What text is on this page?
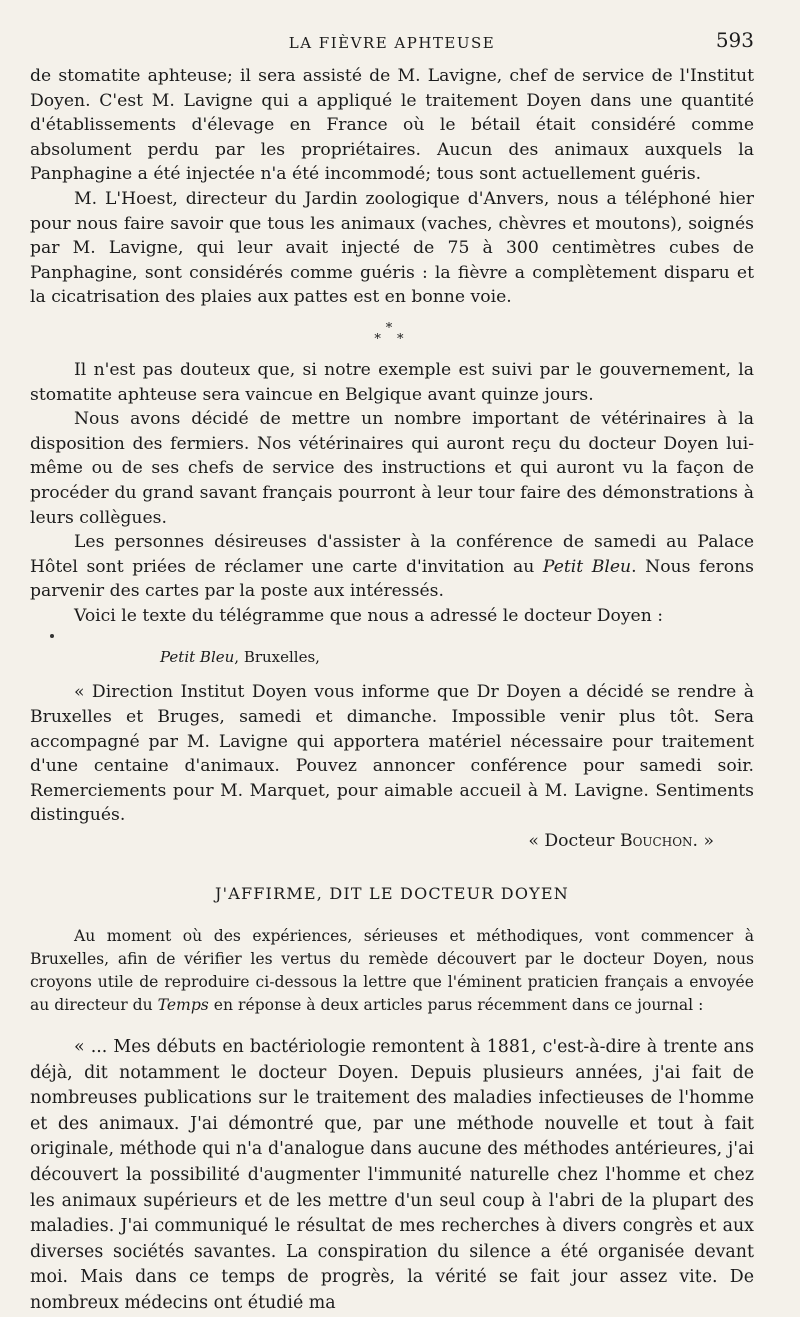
LA FIÈVRE APHTEUSE	593

de stomatite aphteuse; il sera assisté de M. Lavigne, chef de service de l'Institut Doyen. C'est M. Lavigne qui a appliqué le traitement Doyen dans une quantité d'établissements d'élevage en France où le bétail était considéré comme absolument perdu par les propriétaires. Aucun des animaux auxquels la Panphagine a été injectée n'a été incommodé; tous sont actuellement guéris.

M. L'Hoest, directeur du Jardin zoologique d'Anvers, nous a téléphoné hier pour nous faire savoir que tous les animaux (vaches, chèvres et moutons), soignés par M. Lavigne, qui leur avait injecté de 75 à 300 centimètres cubes de Panphagine, sont considérés comme guéris : la fièvre a complètement disparu et la cicatrisation des plaies aux pattes est en bonne voie.

*
* *

Il n'est pas douteux que, si notre exemple est suivi par le gouvernement, la stomatite aphteuse sera vaincue en Belgique avant quinze jours.

Nous avons décidé de mettre un nombre important de vétérinaires à la disposition des fermiers. Nos vétérinaires qui auront reçu du docteur Doyen lui-même ou de ses chefs de service des instructions et qui auront vu la façon de procéder du grand savant français pourront à leur tour faire des démonstrations à leurs collègues.

Les personnes désireuses d'assister à la conférence de samedi au Palace Hôtel sont priées de réclamer une carte d'invitation au Petit Bleu. Nous ferons parvenir des cartes par la poste aux intéressés.

Voici le texte du télégramme que nous a adressé le docteur Doyen :

Petit Bleu, Bruxelles,

« Direction Institut Doyen vous informe que Dr Doyen a décidé se rendre à Bruxelles et Bruges, samedi et dimanche. Impossible venir plus tôt. Sera accompagné par M. Lavigne qui apportera matériel nécessaire pour traitement d'une centaine d'animaux. Pouvez annoncer conférence pour samedi soir. Remerciements pour M. Marquet, pour aimable accueil à M. Lavigne. Sentiments distingués.

« Docteur Bouchon. »
J'AFFIRME, DIT LE DOCTEUR DOYEN

Au moment où des expériences, sérieuses et méthodiques, vont commencer à Bruxelles, afin de vérifier les vertus du remède découvert par le docteur Doyen, nous croyons utile de reproduire ci-dessous la lettre que l'éminent praticien français a envoyée au directeur du Temps en réponse à deux articles parus récemment dans ce journal :

« ... Mes débuts en bactériologie remontent à 1881, c'est-à-dire à trente ans déjà, dit notamment le docteur Doyen. Depuis plusieurs années, j'ai fait de nombreuses publications sur le traitement des maladies infectieuses de l'homme et des animaux. J'ai démontré que, par une méthode nouvelle et tout à fait originale, méthode qui n'a d'analogue dans aucune des méthodes antérieures, j'ai découvert la possibilité d'augmenter l'immunité naturelle chez l'homme et chez les animaux supérieurs et de les mettre d'un seul coup à l'abri de la plupart des maladies. J'ai communiqué le résultat de mes recherches à divers congrès et aux diverses sociétés savantes. La conspiration du silence a été organisée devant moi. Mais dans ce temps de progrès, la vérité se fait jour assez vite. De nombreux médecins ont étudié ma
